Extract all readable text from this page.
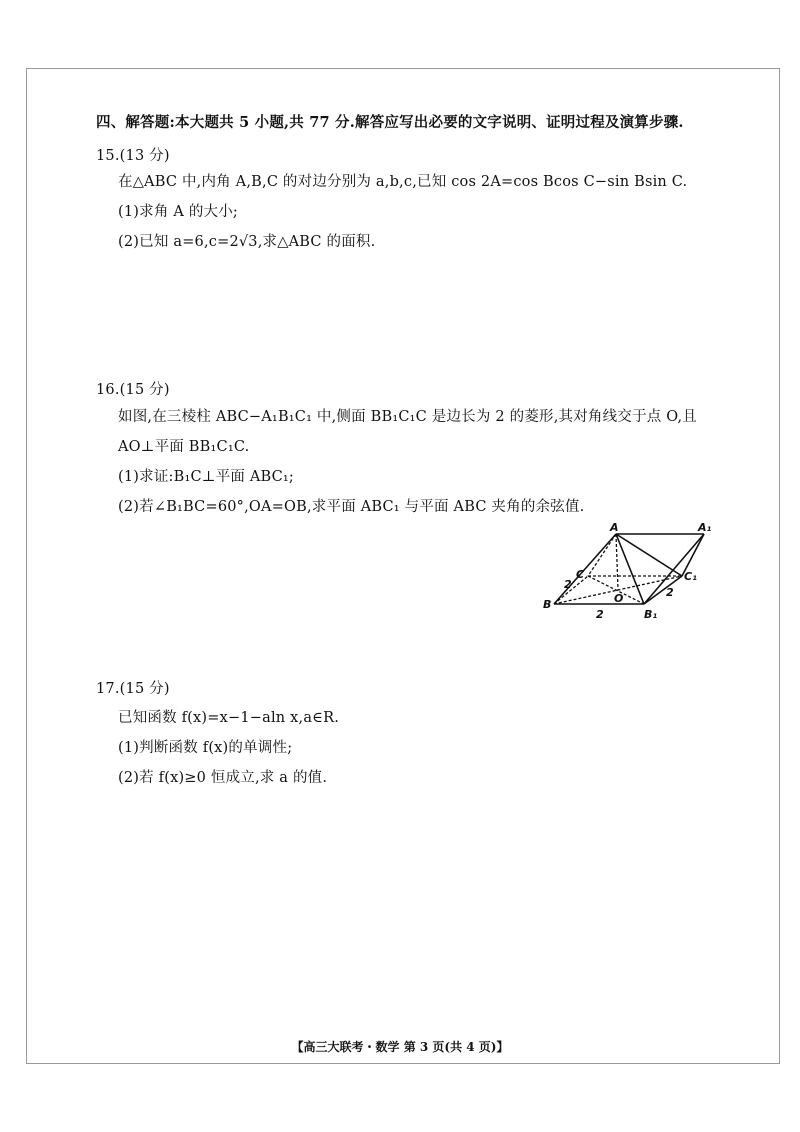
四、解答题:本大题共 5 小题,共 77 分.解答应写出必要的文字说明、证明过程及演算步骤.
15.(13 分)
在△ABC 中,内角 A,B,C 的对边分别为 a,b,c,已知 cos 2A=cos Bcos C−sin Bsin C.
(1)求角 A 的大小;
(2)已知 a=6,c=2√3,求△ABC 的面积.
16.(15 分)
如图,在三棱柱 ABC−A₁B₁C₁ 中,侧面 BB₁C₁C 是边长为 2 的菱形,其对角线交于点 O,且
AO⊥平面 BB₁C₁C.
(1)求证:B₁C⊥平面 ABC₁;
(2)若∠B₁BC=60°,OA=OB,求平面 ABC₁ 与平面 ABC 夹角的余弦值.
A	A₁
B
B₁
C	C₁
O
2
2
2
17.(15 分)
已知函数 f(x)=x−1−aln x,a∈R.
(1)判断函数 f(x)的单调性;
(2)若 f(x)≥0 恒成立,求 a 的值.
【高三大联考・数学 第 3 页(共 4 页)】
